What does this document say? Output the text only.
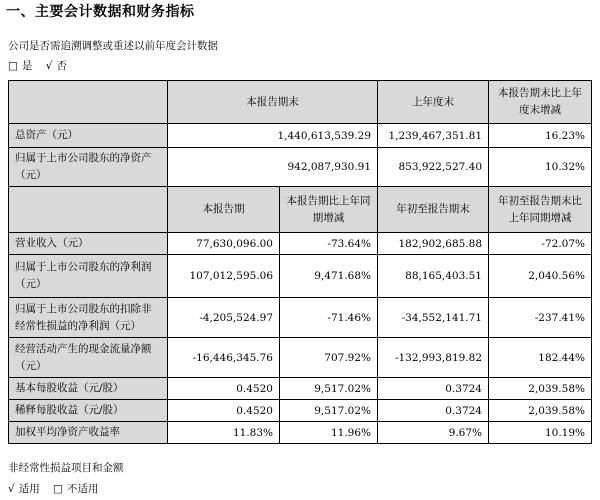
一、主要会计数据和财务指标
公司是否需追溯调整或重述以前年度会计数据
□ 是 √ 否
	本报告期末		上年度末	本报告期末比上年度末增减
总资产（元）	1,440,613,539.29		1,239,467,351.81	16.23%
归属于上市公司股东的净资产（元）	942,087,930.91		853,922,527.40	10.32%
	本报告期	本报告期比上年同期增减	年初至报告期末	年初至报告期末比上年同期增减
营业收入（元）	77,630,096.00	-73.64%	182,902,685.88	-72.07%
归属于上市公司股东的净利润（元）	107,012,595.06	9,471.68%	88,165,403.51	2,040.56%
归属于上市公司股东的扣除非经常性损益的净利润（元）	-4,205,524.97	-71.46%	-34,552,141.71	-237.41%
经营活动产生的现金流量净额（元）	-16,446,345.76	707.92%	-132,993,819.82	182.44%
基本每股收益（元/股）	0.4520	9,517.02%	0.3724	2,039.58%
稀释每股收益（元/股）	0.4520	9,517.02%	0.3724	2,039.58%
加权平均净资产收益率	11.83%	11.96%	9.67%	10.19%
非经常性损益项目和金额
√ 适用 □ 不适用
